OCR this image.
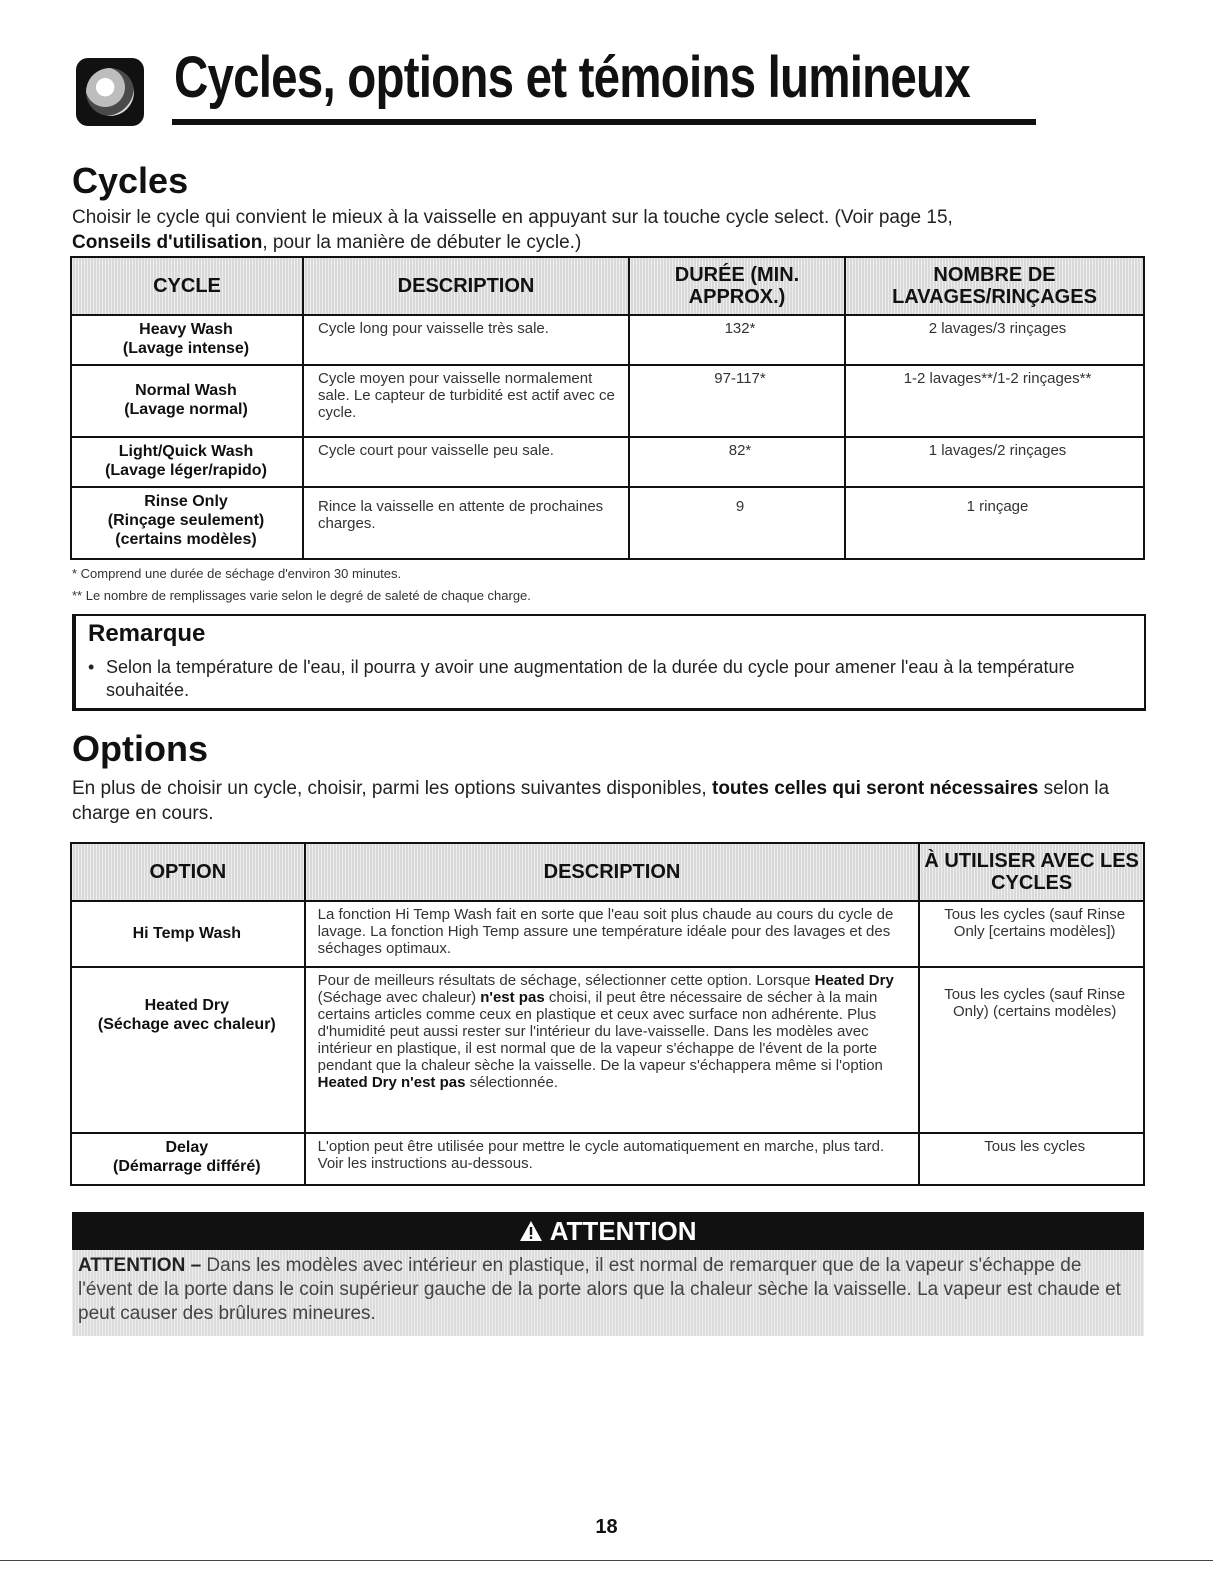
Cycles, options et témoins lumineux
Cycles

Choisir le cycle qui convient le mieux à la vaisselle en appuyant sur la touche cycle select. (Voir page 15,
Conseils d'utilisation, pour la manière de débuter le cycle.)

CYCLE	DESCRIPTION	DURÉE (MIN. APPROX.)	NOMBRE DE LAVAGES/RINÇAGES

Heavy Wash
(Lavage intense)	Cycle long pour vaisselle très sale.	132*	2 lavages/3 rinçages

Normal Wash
(Lavage normal)	Cycle moyen pour vaisselle normalement sale. Le capteur de turbidité est actif avec ce cycle.	97-117*	1-2 lavages**/1-2 rinçages**

Light/Quick Wash
(Lavage léger/rapido)	Cycle court pour vaisselle peu sale.	82*	1 lavages/2 rinçages

Rinse Only
(Rinçage seulement)
(certains modèles)	Rince la vaisselle en attente de prochaines charges.	9	1 rinçage
* Comprend une durée de séchage d'environ 30 minutes.
** Le nombre de remplissages varie selon le degré de saleté de chaque charge.
Remarque
• Selon la température de l'eau, il pourra y avoir une augmentation de la durée du cycle pour amener l'eau à la température souhaitée.
Options

En plus de choisir un cycle, choisir, parmi les options suivantes disponibles, toutes celles qui seront nécessaires selon la charge en cours.

OPTION	DESCRIPTION	À UTILISER AVEC LES CYCLES

Hi Temp Wash	La fonction Hi Temp Wash fait en sorte que l'eau soit plus chaude au cours du cycle de lavage. La fonction High Temp assure une température idéale pour des lavages et des séchages optimaux.	Tous les cycles (sauf Rinse Only [certains modèles])

Heated Dry
(Séchage avec chaleur)	Pour de meilleurs résultats de séchage, sélectionner cette option. Lorsque Heated Dry (Séchage avec chaleur) n'est pas choisi, il peut être nécessaire de sécher à la main certains articles comme ceux en plastique et ceux avec surface non adhérente. Plus d'humidité peut aussi rester sur l'intérieur du lave-vaisselle. Dans les modèles avec intérieur en plastique, il est normal que de la vapeur s'échappe de l'évent de la porte pendant que la chaleur sèche la vaisselle. De la vapeur s'échappera même si l'option Heated Dry n'est pas sélectionnée.	Tous les cycles (sauf Rinse Only) (certains modèles)

Delay
(Démarrage différé)	L'option peut être utilisée pour mettre le cycle automatiquement en marche, plus tard. Voir les instructions au-dessous.	Tous les cycles
ATTENTION
ATTENTION – Dans les modèles avec intérieur en plastique, il est normal de remarquer que de la vapeur s'échappe de l'évent de la porte dans le coin supérieur gauche de la porte alors que la chaleur sèche la vaisselle. La vapeur est chaude et peut causer des brûlures mineures.
18
